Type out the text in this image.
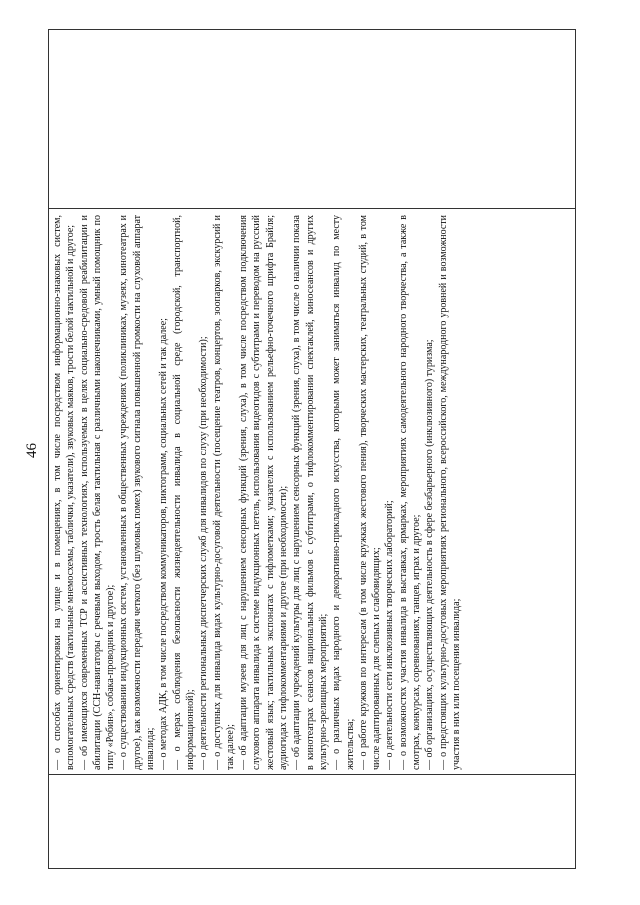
46 — о способах ориентировки на улице и в помещениях, в том числе посредством информационно-знаковых систем, вспомогательных средств (тактильные мнемосхемы, таблички, указатели), звуковых маяков, трости белой тактильной и другое; — об имеющихся современных ТСР и ассистивных технологиях, используемых в целях социально-средовой реабилитации и абилитации (ССН-навигаторы с речевым выходом, трость белая тактильная с различными наконечниками, умный помощник по типу «Робин», собака-проводник и другое); — о существовании индукционных систем, установленных в общественных учреждениях (поликлиниках, музеях, кинотеатрах и другое), как возможности передачи четкого (без шумовых помех) звукового сигнала повышенной громкости на слуховой аппарат инвалида; — о методах АДК, в том числе посредством коммуникаторов, пиктограмм, социальных сетей и так далее; — о мерах соблюдения безопасности жизнедеятельности инвалида в социальной среде (городской, транспортной, информационной); — о деятельности региональных диспетчерских служб для инвалидов по слуху (при необходимости); — о доступных для инвалида видах культурно-досуговой деятельности (посещение театров, концертов, зоопарков, экскурсий и так далее); — об адаптации музеев для лиц с нарушением сенсорных функций (зрения, слуха), в том числе посредством подключения слухового аппарата инвалида к системе индукционных петель, использования видеогидов с субтитрами и переводом на русский жестовый язык; тактильных экспонатах с тифлометками; указателях с использованием рельефно-точечного шрифта Брайля; аудиогидах с тифлокомментариями и другое (при необходимости); — об адаптации учреждений культуры для лиц с нарушением сенсорных функций (зрения, слуха), в том числе о наличии показа в кинотеатрах сеансов национальных фильмов с субтитрами, о тифлокомментировании спектаклей, киносеансов и других культурно-зрелищных мероприятий; — о различных видах народного и декоративно-прикладного искусства, которыми может заниматься инвалид по месту жительства; — о работе кружков по интересам (в том числе кружках жестового пения), творческих мастерских, театральных студий, в том числе адаптированных для слепых и слабовидящих; — о деятельности сети инклюзивных творческих лабораторий; — о возможностях участия инвалида в выставках, ярмарках, мероприятиях самодеятельного народного творчества, а также в смотрах, конкурсах, соревнованиях, танцев, играх и другое; — об организациях, осуществляющих деятельность в сфере безбарьерного (инклюзивного) туризма; — о предстоящих культурно-досуговых мероприятиях регионального, всероссийского, международного уровней и возможности участия в них или посещения инвалида;
